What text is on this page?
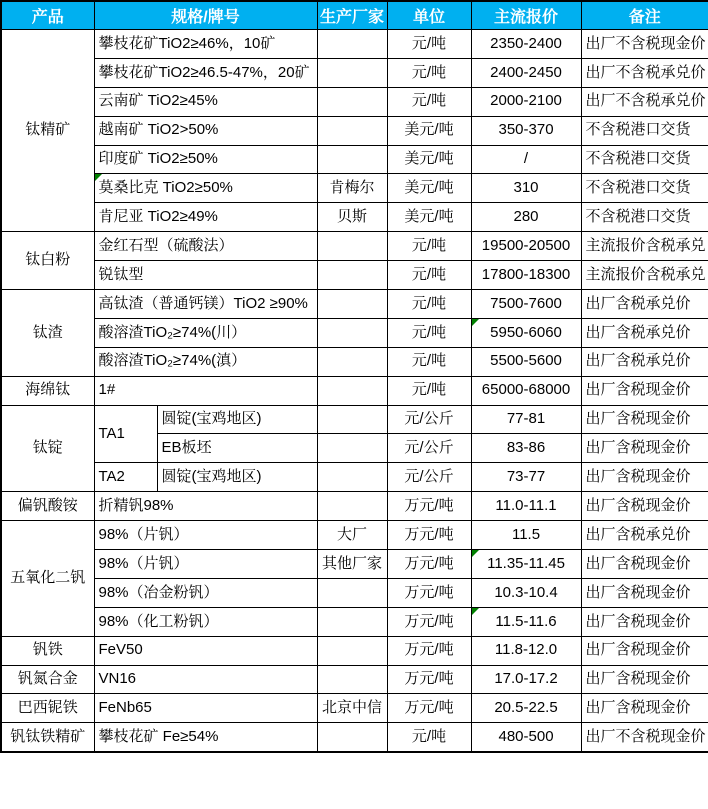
产品	规格/牌号		生产厂家	单位	主流报价	备注
钛精矿	攀枝花矿TiO2≥46%，10矿			元/吨	2350-2400	出厂不含税现金价
	攀枝花矿TiO2≥46.5-47%，20矿			元/吨	2400-2450	出厂不含税承兑价
	云南矿 TiO2≥45%			元/吨	2000-2100	出厂不含税承兑价
	越南矿 TiO2>50%			美元/吨	350-370	不含税港口交货
	印度矿 TiO2≥50%			美元/吨	/	不含税港口交货
	莫桑比克 TiO2≥50%		肯梅尔	美元/吨	310	不含税港口交货
	肯尼亚 TiO2≥49%		贝斯	美元/吨	280	不含税港口交货
钛白粉	金红石型（硫酸法）			元/吨	19500-20500	主流报价含税承兑
	锐钛型			元/吨	17800-18300	主流报价含税承兑
钛渣	高钛渣（普通钙镁）TiO2 ≥90%			元/吨	7500-7600	出厂含税承兑价
	酸溶渣TiO₂≥74%(川）			元/吨	5950-6060	出厂含税承兑价
	酸溶渣TiO₂≥74%(滇）			元/吨	5500-5600	出厂含税承兑价
海绵钛	1#			元/吨	65000-68000	出厂含税现金价
钛锭	TA1	圆锭(宝鸡地区)		元/公斤	77-81	出厂含税现金价
		EB板坯		元/公斤	83-86	出厂含税现金价
	TA2	圆锭(宝鸡地区)		元/公斤	73-77	出厂含税现金价
偏钒酸铵	折精钒98%			万元/吨	11.0-11.1	出厂含税现金价
五氧化二钒	98%（片钒）		大厂	万元/吨	11.5	出厂含税承兑价
	98%（片钒）		其他厂家	万元/吨	11.35-11.45	出厂含税现金价
	98%（冶金粉钒）			万元/吨	10.3-10.4	出厂含税现金价
	98%（化工粉钒）			万元/吨	11.5-11.6	出厂含税现金价
钒铁	FeV50			万元/吨	11.8-12.0	出厂含税现金价
钒氮合金	VN16			万元/吨	17.0-17.2	出厂含税现金价
巴西铌铁	FeNb65		北京中信	万元/吨	20.5-22.5	出厂含税现金价
钒钛铁精矿	攀枝花矿 Fe≥54%			元/吨	480-500	出厂不含税现金价
